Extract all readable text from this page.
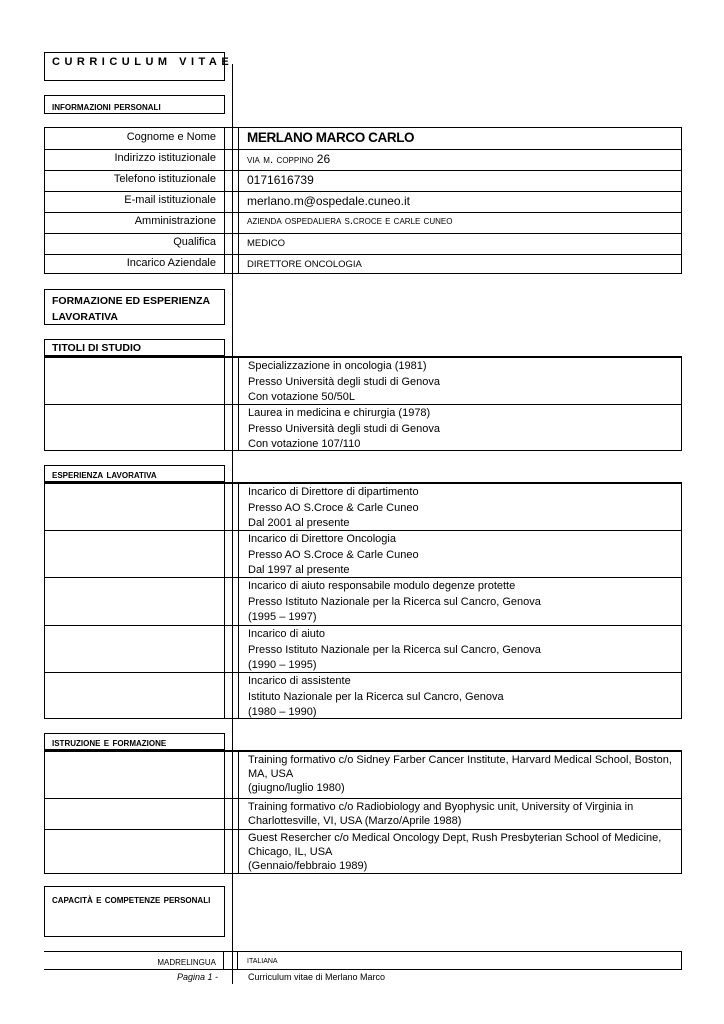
CURRICULUM VITAE
informazioni personali
Cognome e Nome MERLANO MARCO CARLO
Indirizzo istituzionale	via m. coppino 26
Telefono istituzionale	0171616739
E-mail istituzionale	merlano.m@ospedale.cuneo.it
Amministrazione	azienda ospedaliera s.croce e carle cuneo
Qualifica	MEDICO
Incarico Aziendale	DIRETTORE ONCOLOGIA
FORMAZIONE ED ESPERIENZA LAVORATIVA
TITOLI DI STUDIO
Specializzazione in oncologia (1981)
Presso Università degli studi di Genova
Con votazione 50/50L
Laurea in medicina e chirurgia (1978)
Presso Università degli studi di Genova
Con votazione 107/110
esperienza lavorativa
Incarico di Direttore di dipartimento
Presso AO S.Croce & Carle Cuneo
Dal 2001 al presente
Incarico di Direttore Oncologia
Presso AO S.Croce & Carle Cuneo
Dal 1997 al presente
Incarico di aiuto responsabile modulo degenze protette
Presso Istituto Nazionale per la Ricerca sul Cancro, Genova
(1995 – 1997)
Incarico di aiuto
Presso Istituto Nazionale per la Ricerca sul Cancro, Genova
(1990 – 1995)
Incarico di assistente
Istituto Nazionale per la Ricerca sul Cancro, Genova
(1980 – 1990)
istruzione e formazione
Training formativo c/o Sidney Farber Cancer Institute, Harvard Medical School, Boston, MA, USA
(giugno/luglio 1980)
Training formativo c/o Radiobiology and Byophysic unit, University of Virginia in Charlottesville, VI, USA (Marzo/Aprile 1988)
Guest Resercher c/o Medical Oncology Dept, Rush Presbyterian School of Medicine, Chicago, IL, USA
(Gennaio/febbraio 1989)
capacità e competenze personali
madrelingua	italiana
Pagina 1 -	Curriculum vitae di Merlano Marco
